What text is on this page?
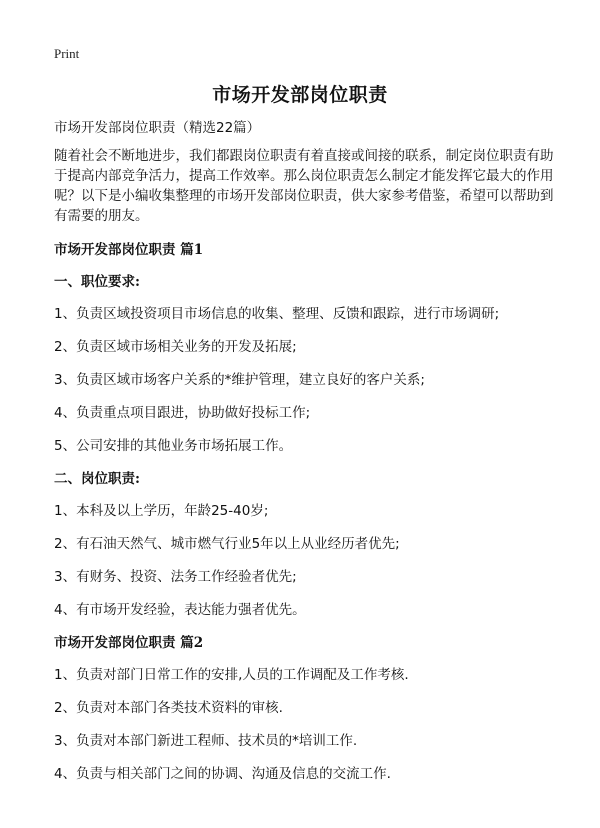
Print
市场开发部岗位职责

市场开发部岗位职责（精选22篇）

随着社会不断地进步，我们都跟岗位职责有着直接或间接的联系，制定岗位职责有助于提高内部竞争活力，提高工作效率。那么岗位职责怎么制定才能发挥它最大的作用呢？以下是小编收集整理的市场开发部岗位职责，供大家参考借鉴，希望可以帮助到有需要的朋友。

市场开发部岗位职责 篇1

一、职位要求:

1、负责区域投资项目市场信息的收集、整理、反馈和跟踪，进行市场调研;

2、负责区域市场相关业务的开发及拓展;

3、负责区域市场客户关系的*维护管理，建立良好的客户关系;

4、负责重点项目跟进，协助做好投标工作;

5、公司安排的其他业务市场拓展工作。

二、岗位职责:

1、本科及以上学历，年龄25-40岁;

2、有石油天然气、城市燃气行业5年以上从业经历者优先;

3、有财务、投资、法务工作经验者优先;

4、有市场开发经验，表达能力强者优先。

市场开发部岗位职责 篇2

1、负责对部门日常工作的安排,人员的工作调配及工作考核.

2、负责对本部门各类技术资料的审核.

3、负责对本部门新进工程师、技术员的*培训工作.

4、负责与相关部门之间的协调、沟通及信息的交流工作.
